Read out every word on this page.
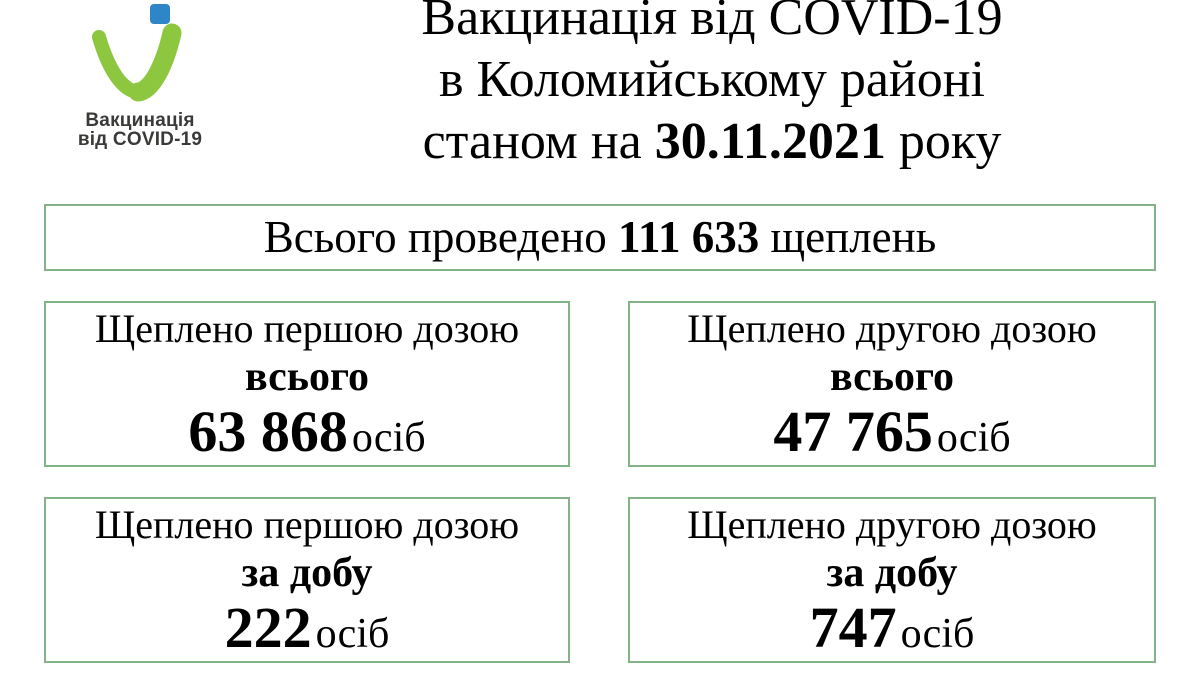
Вакцинація
від COVID-19
Вакцинація від COVID-19
в Коломийському районі
станом на 30.11.2021 року
Всього проведено 111 633 щеплень
Щеплено першою дозою
всього
63 868 осіб
Щеплено другою дозою
всього
47 765 осіб
Щеплено першою дозою
за добу
222 осіб
Щеплено другою дозою
за добу
747 осіб
